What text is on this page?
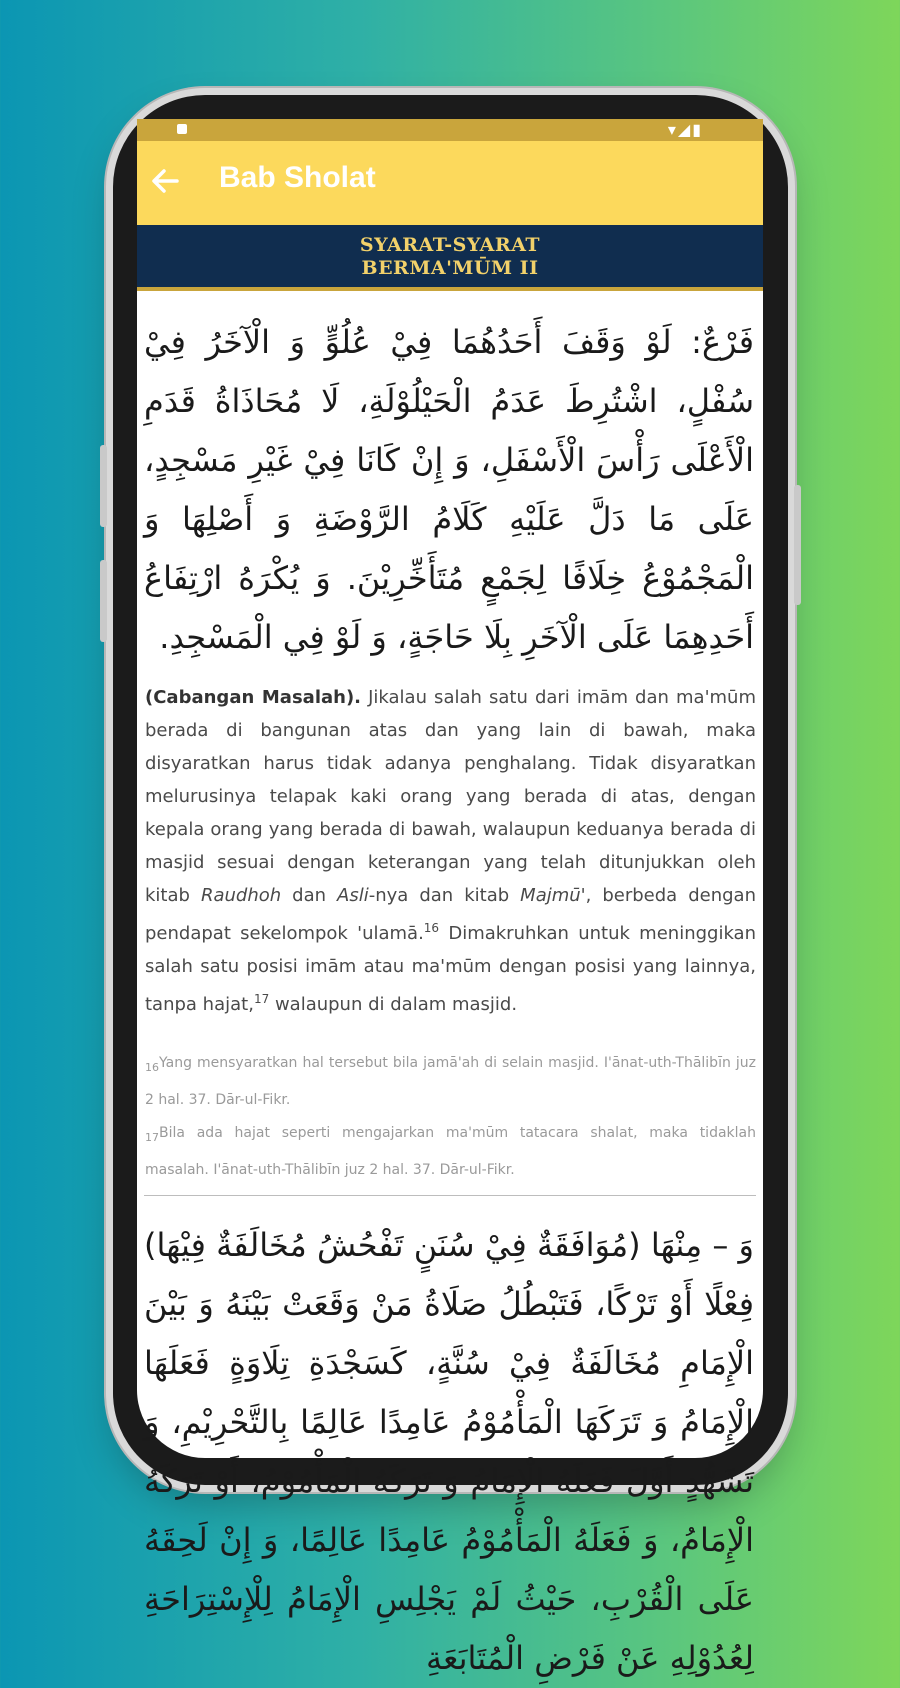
▾◢▮
Bab Sholat
SYARAT-SYARAT
BERMA'MŪM II
فَرْعٌ: لَوْ وَقَفَ أَحَدُهُمَا فِيْ عُلُوٍّ وَ الْآخَرُ فِيْ سُفْلٍ، اشْتُرِطَ عَدَمُ الْحَيْلُوْلَةِ، لَا مُحَاذَاةُ قَدَمِ الْأَعْلَى رَأْسَ الْأَسْفَلِ، وَ إِنْ كَانَا فِيْ غَيْرِ مَسْجِدٍ، عَلَى مَا دَلَّ عَلَيْهِ كَلَامُ الرَّوْضَةِ وَ أَصْلِهَا وَ الْمَجْمُوْعُ خِلَافًا لِجَمْعٍ مُتَأَخِّرِيْنَ. وَ يُكْرَهُ ارْتِفَاعُ أَحَدِهِمَا عَلَى الْآخَرِ بِلَا حَاجَةٍ، وَ لَوْ فِي الْمَسْجِدِ.
(Cabangan Masalah). Jikalau salah satu dari imām dan ma'mūm berada di bangunan atas dan yang lain di bawah, maka disyaratkan harus tidak adanya penghalang. Tidak disyaratkan melurusinya telapak kaki orang yang berada di atas, dengan kepala orang yang berada di bawah, walaupun keduanya berada di masjid sesuai dengan keterangan yang telah ditunjukkan oleh kitab Raudhoh dan Asli-nya dan kitab Majmū', berbeda dengan pendapat sekelompok 'ulamā.$^{16}$ Dimakruhkan untuk meninggikan salah satu posisi imām atau ma'mūm dengan posisi yang lainnya, tanpa hajat,$^{17}$ walaupun di dalam masjid.

$_{16}$Yang mensyaratkan hal tersebut bila jamā'ah di selain masjid. I'ānat-uth-Thālibīn juz 2 hal. 37. Dār-ul-Fikr.

$_{17}$Bila ada hajat seperti mengajarkan ma'mūm tatacara shalat, maka tidaklah masalah. I'ānat-uth-Thālibīn juz 2 hal. 37. Dār-ul-Fikr.

وَ – مِنْهَا (مُوَافَقَةٌ فِيْ سُنَنٍ تَفْحُشُ مُخَالَفَةٌ فِيْهَا) فِعْلًا أَوْ تَرْكًا، فَتَبْطُلُ صَلَاةُ مَنْ وَقَعَتْ بَيْنَهُ وَ بَيْنَ الْإِمَامِ مُخَالَفَةٌ فِيْ سُنَّةٍ، كَسَجْدَةِ تِلَاوَةٍ فَعَلَهَا الْإِمَامُ وَ تَرَكَهَا الْمَأْمُوْمُ عَامِدًا عَالِمًا بِالتَّحْرِيْمِ، وَ تَشَهُّدٍ أَوَّلَ فَعَلَهُ الْإِمَامُ وَ تَرَكَهُ الْمَأْمُوْمُ، أَوْ تَرَكَهُ الْإِمَامُ، وَ فَعَلَهُ الْمَأْمُوْمُ عَامِدًا عَالِمًا، وَ إِنْ لَحِقَهُ عَلَى الْقُرْبِ، حَيْثُ لَمْ يَجْلِسِ الْإِمَامُ لِلْإِسْتِرَاحَةِ لِعُدُوْلِهِ عَنْ فَرْضِ الْمُتَابَعَةِ
